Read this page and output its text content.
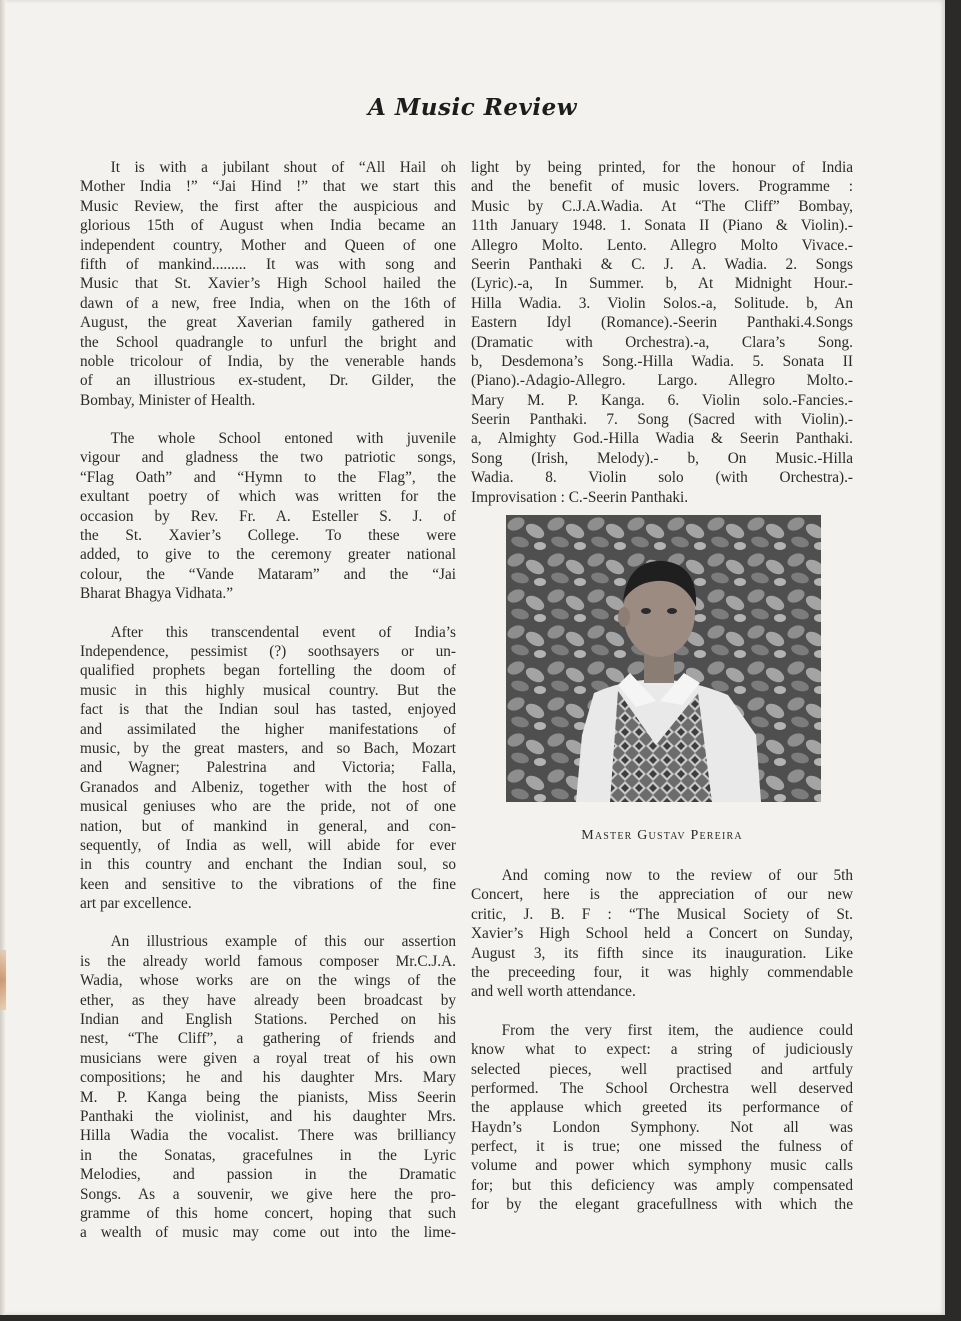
A Music Review
  It is with a jubilant shout of “All Hail oh
Mother India !” “Jai Hind !” that we start this
Music Review, the first after the auspicious and
glorious 15th of August when India became an
independent country, Mother and Queen of one
fifth of mankind......... It was with song and
Music that St. Xavier’s High School hailed the
dawn of a new, free India, when on the 16th of
August, the great Xaverian family gathered in
the School quadrangle to unfurl the bright and
noble tricolour of India, by the venerable hands
of an illustrious ex-student, Dr. Gilder, the
Bombay, Minister of Health.
  The whole School entoned with juvenile
vigour and gladness the two patriotic songs,
“Flag Oath” and “Hymn to the Flag”, the
exultant poetry of which was written for the
occasion by Rev. Fr. A. Esteller S. J. of
the St. Xavier’s College. To these were
added, to give to the ceremony greater national
colour, the “Vande Mataram” and the “Jai
Bharat Bhagya Vidhata.”
  After this transcendental event of India’s
Independence, pessimist (?) soothsayers or un-
qualified prophets began fortelling the doom of
music in this highly musical country. But the
fact is that the Indian soul has tasted, enjoyed
and assimilated the higher manifestations of
music, by the great masters, and so Bach, Mozart
and Wagner; Palestrina and Victoria; Falla,
Granados and Albeniz, together with the host of
musical geniuses who are the pride, not of one
nation, but of mankind in general, and con-
sequently, of India as well, will abide for ever
in this country and enchant the Indian soul, so
keen and sensitive to the vibrations of the fine
art par excellence.
  An illustrious example of this our assertion
is the already world famous composer Mr.C.J.A.
Wadia, whose works are on the wings of the
ether, as they have already been broadcast by
Indian and English Stations. Perched on his
nest, “The Cliff”, a gathering of friends and
musicians were given a royal treat of his own
compositions; he and his daughter Mrs. Mary
M. P. Kanga being the pianists, Miss Seerin
Panthaki the violinist, and his daughter Mrs.
Hilla Wadia the vocalist. There was brilliancy
in the Sonatas, gracefulnes in the Lyric
Melodies, and passion in the Dramatic
Songs. As a souvenir, we give here the pro-
gramme of this home concert, hoping that such
a wealth of music may come out into the lime-
light by being printed, for the honour of India
and the benefit of music lovers. Programme :
Music by C.J.A.Wadia. At “The Cliff” Bombay,
11th January 1948. 1. Sonata II (Piano & Violin).-
Allegro Molto. Lento. Allegro Molto Vivace.-
Seerin Panthaki & C. J. A. Wadia. 2. Songs
(Lyric).-a, In Summer. b, At Midnight Hour.-
Hilla Wadia. 3. Violin Solos.-a, Solitude. b, An
Eastern Idyl (Romance).-Seerin Panthaki.4.Songs
(Dramatic with Orchestra).-a, Clara’s Song.
b, Desdemona’s Song.-Hilla Wadia. 5. Sonata II
(Piano).-Adagio-Allegro. Largo. Allegro Molto.-
Mary M. P. Kanga. 6. Violin solo.-Fancies.-
Seerin Panthaki. 7. Song (Sacred with Violin).-
a, Almighty God.-Hilla Wadia & Seerin Panthaki.
Song (Irish, Melody).- b, On Music.-Hilla
Wadia. 8. Violin solo (with Orchestra).-
Improvisation : C.-Seerin Panthaki.
Master Gustav Pereira
  And coming now to the review of our 5th
Concert, here is the appreciation of our new
critic, J. B. F : “The Musical Society of St.
Xavier’s High School held a Concert on Sunday,
August 3, its fifth since its inauguration. Like
the preceeding four, it was highly commendable
and well worth attendance.
  From the very first item, the audience could
know what to expect: a string of judiciously
selected pieces, well practised and artfuly
performed. The School Orchestra well deserved
the applause which greeted its performance of
Haydn’s London Symphony. Not all was
perfect, it is true; one missed the fulness of
volume and power which symphony music calls
for; but this deficiency was amply compensated
for by the elegant gracefullness with which the
